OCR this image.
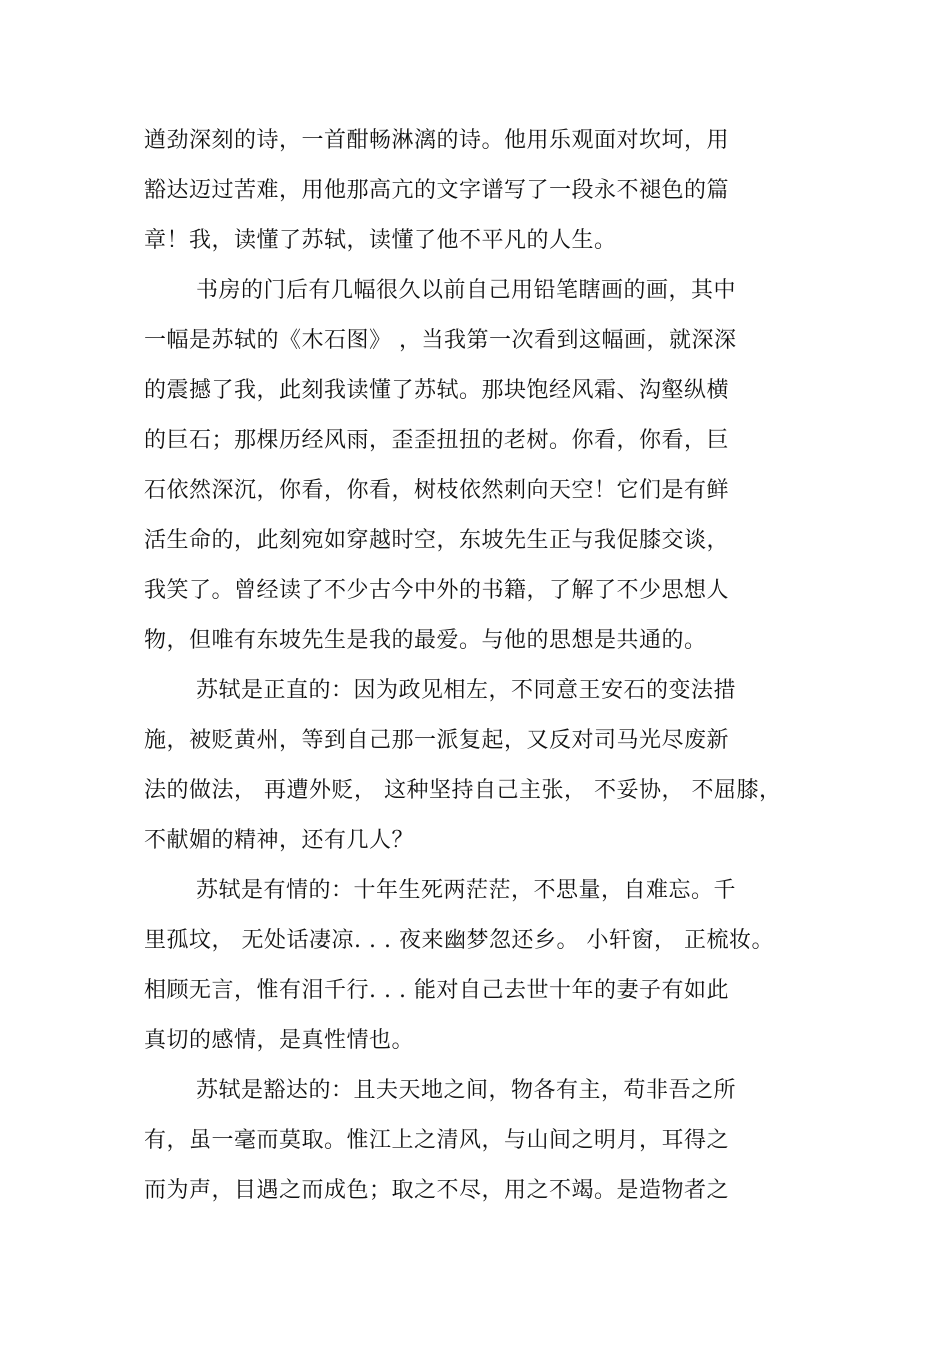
遒劲深刻的诗，一首酣畅淋漓的诗。他用乐观面对坎坷，用
豁达迈过苦难，用他那高亢的文字谱写了一段永不褪色的篇
章！我，读懂了苏轼，读懂了他不平凡的人生。
书房的门后有几幅很久以前自己用铅笔瞎画的画，其中
一幅是苏轼的《木石图》 ，当我第一次看到这幅画，就深深
的震撼了我，此刻我读懂了苏轼。那块饱经风霜、沟壑纵横
的巨石；那棵历经风雨，歪歪扭扭的老树。你看，你看，巨
石依然深沉，你看，你看，树枝依然刺向天空！它们是有鲜
活生命的，此刻宛如穿越时空，东坡先生正与我促膝交谈，
我笑了。曾经读了不少古今中外的书籍，了解了不少思想人
物，但唯有东坡先生是我的最爱。与他的思想是共通的。
苏轼是正直的：因为政见相左，不同意王安石的变法措
施，被贬黄州，等到自己那一派复起，又反对司马光尽废新
法的做法， 再遭外贬， 这种坚持自己主张， 不妥协， 不屈膝，
不献媚的精神，还有几人？
苏轼是有情的：十年生死两茫茫，不思量，自难忘。千
里孤坟， 无处话凄凉. . . 夜来幽梦忽还乡。 小轩窗， 正梳妆。
相顾无言，惟有泪千行. . . 能对自己去世十年的妻子有如此
真切的感情，是真性情也。
苏轼是豁达的：且夫天地之间，物各有主，苟非吾之所
有，虽一毫而莫取。惟江上之清风，与山间之明月，耳得之
而为声，目遇之而成色；取之不尽，用之不竭。是造物者之
